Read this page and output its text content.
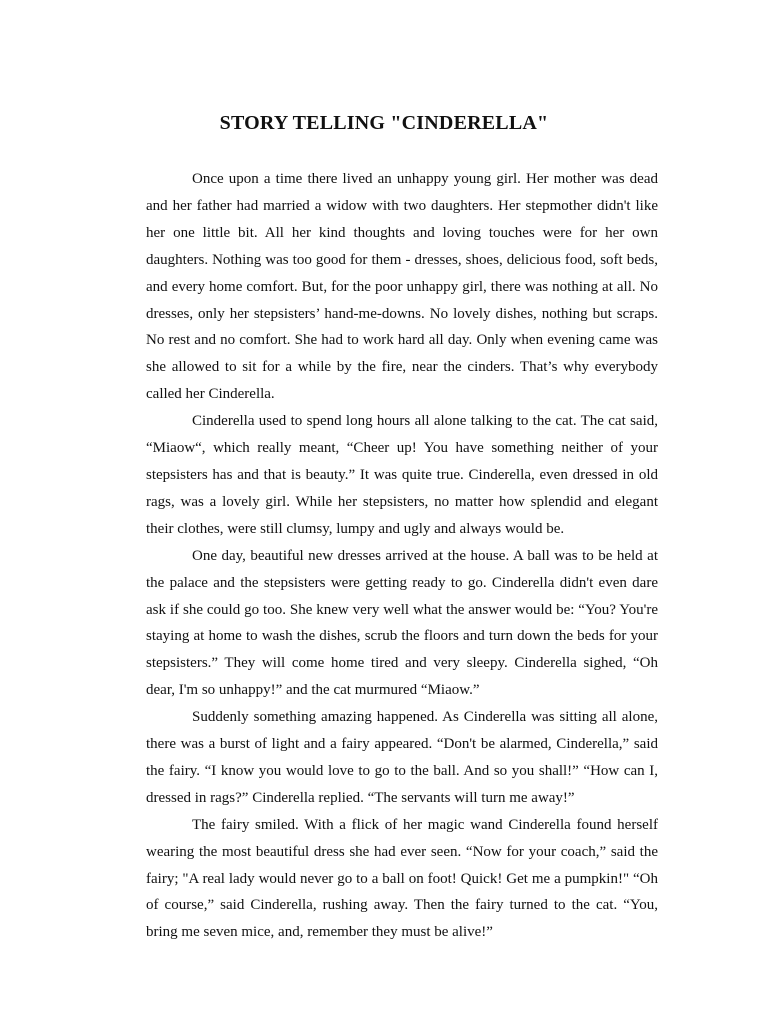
STORY TELLING "CINDERELLA"

Once upon a time there lived an unhappy young girl. Her mother was dead and her father had married a widow with two daughters. Her stepmother didn't like her one little bit. All her kind thoughts and loving touches were for her own daughters. Nothing was too good for them - dresses, shoes, delicious food, soft beds, and every home comfort. But, for the poor unhappy girl, there was nothing at all. No dresses, only her stepsisters’ hand-me-downs. No lovely dishes, nothing but scraps. No rest and no comfort. She had to work hard all day. Only when evening came was she allowed to sit for a while by the fire, near the cinders. That’s why everybody called her Cinderella.

Cinderella used to spend long hours all alone talking to the cat. The cat said, “Miaow“, which really meant, “Cheer up! You have something neither of your stepsisters has and that is beauty.” It was quite true. Cinderella, even dressed in old rags, was a lovely girl. While her stepsisters, no matter how splendid and elegant their clothes, were still clumsy, lumpy and ugly and always would be.

One day, beautiful new dresses arrived at the house. A ball was to be held at the palace and the stepsisters were getting ready to go. Cinderella didn't even dare ask if she could go too. She knew very well what the answer would be: “You? You're staying at home to wash the dishes, scrub the floors and turn down the beds for your stepsisters.” They will come home tired and very sleepy. Cinderella sighed, “Oh dear, I'm so unhappy!” and the cat murmured “Miaow.”

Suddenly something amazing happened. As Cinderella was sitting all alone, there was a burst of light and a fairy appeared. “Don't be alarmed, Cinderella,” said the fairy. “I know you would love to go to the ball. And so you shall!” “How can I, dressed in rags?” Cinderella replied. “The servants will turn me away!”

The fairy smiled. With a flick of her magic wand Cinderella found herself wearing the most beautiful dress she had ever seen. “Now for your coach,” said the fairy; "A real lady would never go to a ball on foot! Quick! Get me a pumpkin!" “Oh of course,” said Cinderella, rushing away. Then the fairy turned to the cat. “You, bring me seven mice, and, remember they must be alive!”
